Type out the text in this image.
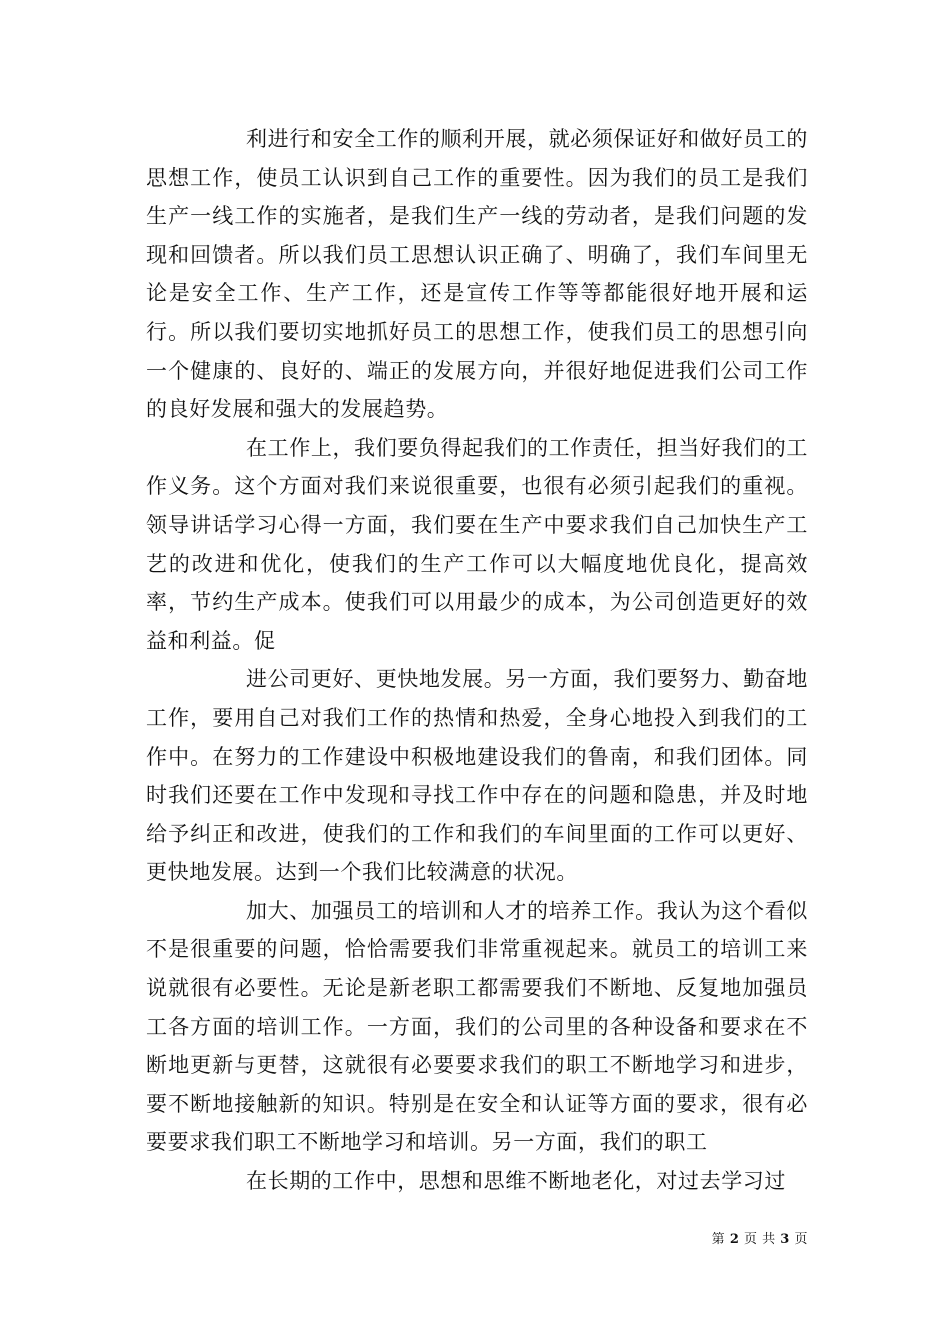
利进行和安全工作的顺利开展，就必须保证好和做好员工的思想工作，使员工认识到自己工作的重要性。因为我们的员工是我们生产一线工作的实施者，是我们生产一线的劳动者，是我们问题的发现和回馈者。所以我们员工思想认识正确了、明确了，我们车间里无论是安全工作、生产工作，还是宣传工作等等都能很好地开展和运行。所以我们要切实地抓好员工的思想工作，使我们员工的思想引向一个健康的、良好的、端正的发展方向，并很好地促进我们公司工作的良好发展和强大的发展趋势。

在工作上，我们要负得起我们的工作责任，担当好我们的工作义务。这个方面对我们来说很重要，也很有必须引起我们的重视。领导讲话学习心得一方面，我们要在生产中要求我们自己加快生产工艺的改进和优化，使我们的生产工作可以大幅度地优良化，提高效率，节约生产成本。使我们可以用最少的成本，为公司创造更好的效益和利益。促

进公司更好、更快地发展。另一方面，我们要努力、勤奋地工作，要用自己对我们工作的热情和热爱，全身心地投入到我们的工作中。在努力的工作建设中积极地建设我们的鲁南，和我们团体。同时我们还要在工作中发现和寻找工作中存在的问题和隐患，并及时地给予纠正和改进，使我们的工作和我们的车间里面的工作可以更好、更快地发展。达到一个我们比较满意的状况。

加大、加强员工的培训和人才的培养工作。我认为这个看似不是很重要的问题，恰恰需要我们非常重视起来。就员工的培训工来说就很有必要性。无论是新老职工都需要我们不断地、反复地加强员工各方面的培训工作。一方面，我们的公司里的各种设备和要求在不断地更新与更替，这就很有必要要求我们的职工不断地学习和进步，要不断地接触新的知识。特别是在安全和认证等方面的要求，很有必要要求我们职工不断地学习和培训。另一方面，我们的职工

在长期的工作中，思想和思维不断地老化，对过去学习过

第 2 页 共 3 页
